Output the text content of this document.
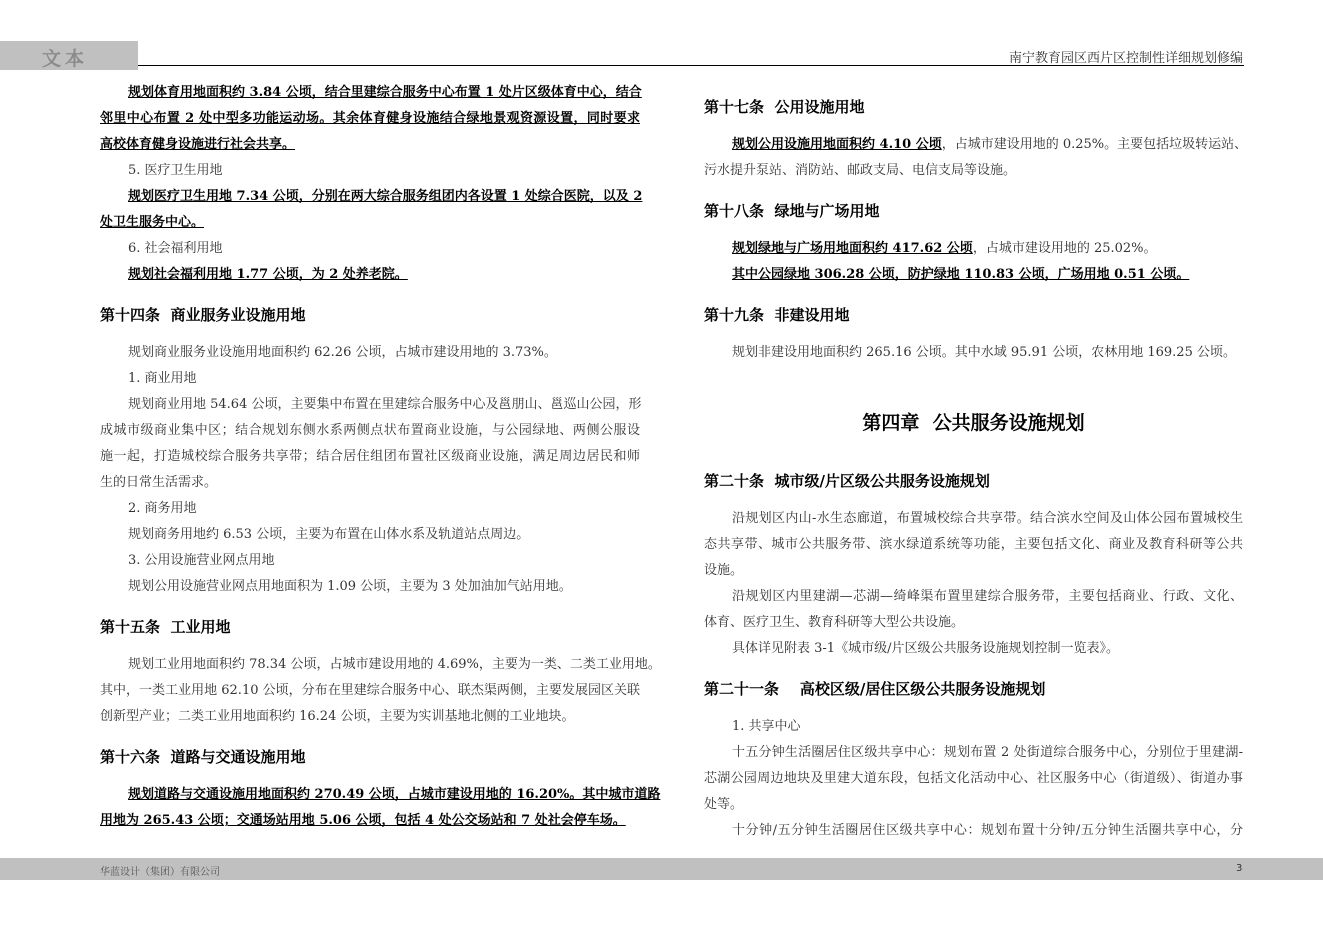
文本	南宁教育园区西片区控制性详细规划修编
规划体育用地面积约 3.84 公顷，结合里建综合服务中心布置 1 处片区级体育中心，结合
邻里中心布置 2 处中型多功能运动场。其余体育健身设施结合绿地景观资源设置，同时要求
高校体育健身设施进行社会共享。
5. 医疗卫生用地
规划医疗卫生用地 7.34 公顷，分别在两大综合服务组团内各设置 1 处综合医院，以及 2
处卫生服务中心。
6. 社会福利用地
规划社会福利用地 1.77 公顷，为 2 处养老院。
第十四条  商业服务业设施用地
规划商业服务业设施用地面积约 62.26 公顷，占城市建设用地的 3.73%。
1. 商业用地
规划商业用地 54.64 公顷，主要集中布置在里建综合服务中心及邕朋山、邕巡山公园，形
成城市级商业集中区；结合规划东侧水系两侧点状布置商业设施，与公园绿地、两侧公服设
施一起，打造城校综合服务共享带；结合居住组团布置社区级商业设施，满足周边居民和师
生的日常生活需求。
2. 商务用地
规划商务用地约 6.53 公顷，主要为布置在山体水系及轨道站点周边。
3. 公用设施营业网点用地
规划公用设施营业网点用地面积为 1.09 公顷，主要为 3 处加油加气站用地。
第十五条  工业用地
规划工业用地面积约 78.34 公顷，占城市建设用地的 4.69%，主要为一类、二类工业用地。
其中，一类工业用地 62.10 公顷，分布在里建综合服务中心、联杰渠两侧，主要发展园区关联
创新型产业；二类工业用地面积约 16.24 公顷，主要为实训基地北侧的工业地块。
第十六条  道路与交通设施用地
规划道路与交通设施用地面积约 270.49 公顷，占城市建设用地的 16.20%。其中城市道路
用地为 265.43 公顷；交通场站用地 5.06 公顷，包括 4 处公交场站和 7 处社会停车场。
第十七条  公用设施用地
规划公用设施用地面积约 4.10 公顷，占城市建设用地的 0.25%。主要包括垃圾转运站、
污水提升泵站、消防站、邮政支局、电信支局等设施。
第十八条  绿地与广场用地
规划绿地与广场用地面积约 417.62 公顷，占城市建设用地的 25.02%。
其中公园绿地 306.28 公顷，防护绿地 110.83 公顷，广场用地 0.51 公顷。
第十九条  非建设用地
规划非建设用地面积约 265.16 公顷。其中水域 95.91 公顷，农林用地 169.25 公顷。
第四章  公共服务设施规划
第二十条  城市级/片区级公共服务设施规划
沿规划区内山-水生态廊道，布置城校综合共享带。结合滨水空间及山体公园布置城校生
态共享带、城市公共服务带、滨水绿道系统等功能，主要包括文化、商业及教育科研等公共
设施。
沿规划区内里建湖—芯湖—绮峰渠布置里建综合服务带，主要包括商业、行政、文化、
体育、医疗卫生、教育科研等大型公共设施。
具体详见附表 3-1《城市级/片区级公共服务设施规划控制一览表》。
第二十一条    高校区级/居住区级公共服务设施规划
1. 共享中心
十五分钟生活圈居住区级共享中心：规划布置 2 处街道综合服务中心，分别位于里建湖-
芯湖公园周边地块及里建大道东段，包括文化活动中心、社区服务中心（街道级）、街道办事
处等。
十分钟/五分钟生活圈居住区级共享中心：规划布置十分钟/五分钟生活圈共享中心，分
华蓝设计（集团）有限公司	3
